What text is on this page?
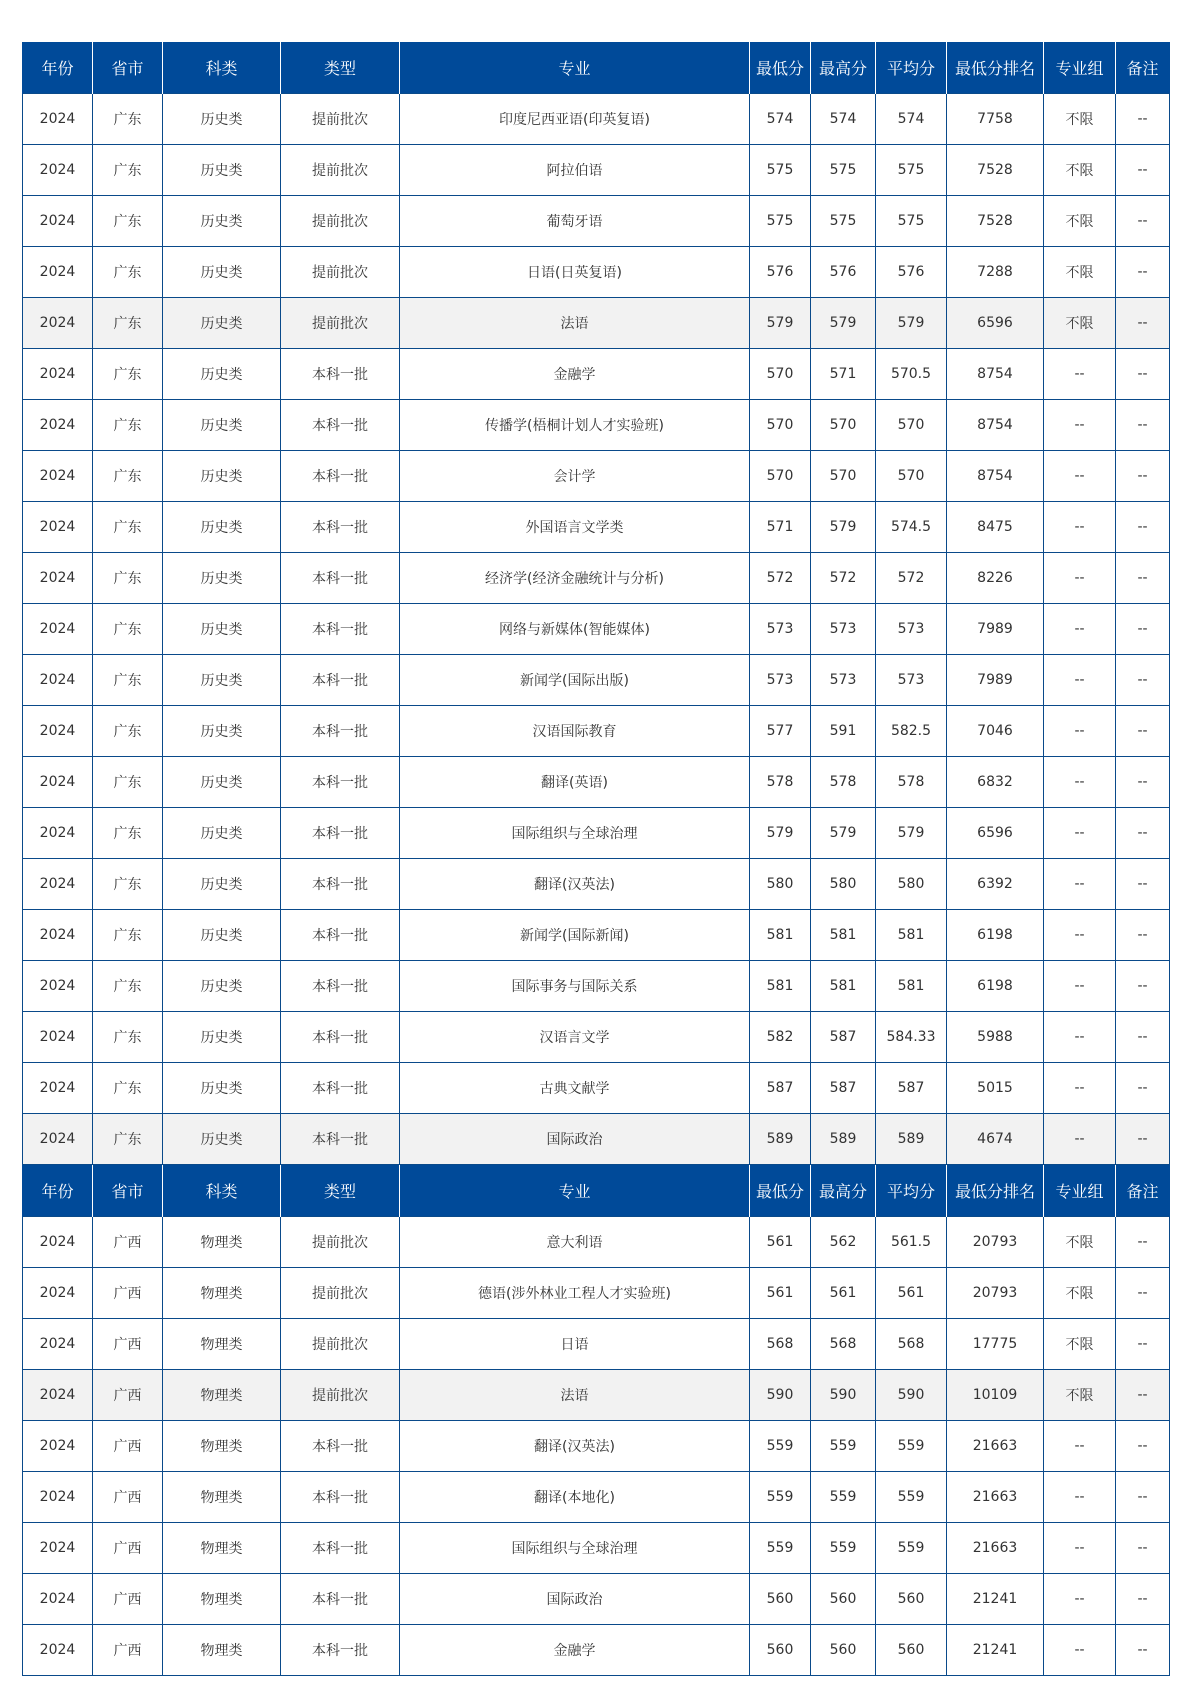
年份	省市	科类	类型	专业	最低分	最高分	平均分	最低分排名	专业组	备注
2024	广东	历史类	提前批次	印度尼西亚语(印英复语)	574	574	574	7758	不限	--
2024	广东	历史类	提前批次	阿拉伯语	575	575	575	7528	不限	--
2024	广东	历史类	提前批次	葡萄牙语	575	575	575	7528	不限	--
2024	广东	历史类	提前批次	日语(日英复语)	576	576	576	7288	不限	--
2024	广东	历史类	提前批次	法语	579	579	579	6596	不限	--
2024	广东	历史类	本科一批	金融学	570	571	570.5	8754	--	--
2024	广东	历史类	本科一批	传播学(梧桐计划人才实验班)	570	570	570	8754	--	--
2024	广东	历史类	本科一批	会计学	570	570	570	8754	--	--
2024	广东	历史类	本科一批	外国语言文学类	571	579	574.5	8475	--	--
2024	广东	历史类	本科一批	经济学(经济金融统计与分析)	572	572	572	8226	--	--
2024	广东	历史类	本科一批	网络与新媒体(智能媒体)	573	573	573	7989	--	--
2024	广东	历史类	本科一批	新闻学(国际出版)	573	573	573	7989	--	--
2024	广东	历史类	本科一批	汉语国际教育	577	591	582.5	7046	--	--
2024	广东	历史类	本科一批	翻译(英语)	578	578	578	6832	--	--
2024	广东	历史类	本科一批	国际组织与全球治理	579	579	579	6596	--	--
2024	广东	历史类	本科一批	翻译(汉英法)	580	580	580	6392	--	--
2024	广东	历史类	本科一批	新闻学(国际新闻)	581	581	581	6198	--	--
2024	广东	历史类	本科一批	国际事务与国际关系	581	581	581	6198	--	--
2024	广东	历史类	本科一批	汉语言文学	582	587	584.33	5988	--	--
2024	广东	历史类	本科一批	古典文献学	587	587	587	5015	--	--
2024	广东	历史类	本科一批	国际政治	589	589	589	4674	--	--
年份	省市	科类	类型	专业	最低分	最高分	平均分	最低分排名	专业组	备注
2024	广西	物理类	提前批次	意大利语	561	562	561.5	20793	不限	--
2024	广西	物理类	提前批次	德语(涉外林业工程人才实验班)	561	561	561	20793	不限	--
2024	广西	物理类	提前批次	日语	568	568	568	17775	不限	--
2024	广西	物理类	提前批次	法语	590	590	590	10109	不限	--
2024	广西	物理类	本科一批	翻译(汉英法)	559	559	559	21663	--	--
2024	广西	物理类	本科一批	翻译(本地化)	559	559	559	21663	--	--
2024	广西	物理类	本科一批	国际组织与全球治理	559	559	559	21663	--	--
2024	广西	物理类	本科一批	国际政治	560	560	560	21241	--	--
2024	广西	物理类	本科一批	金融学	560	560	560	21241	--	--
